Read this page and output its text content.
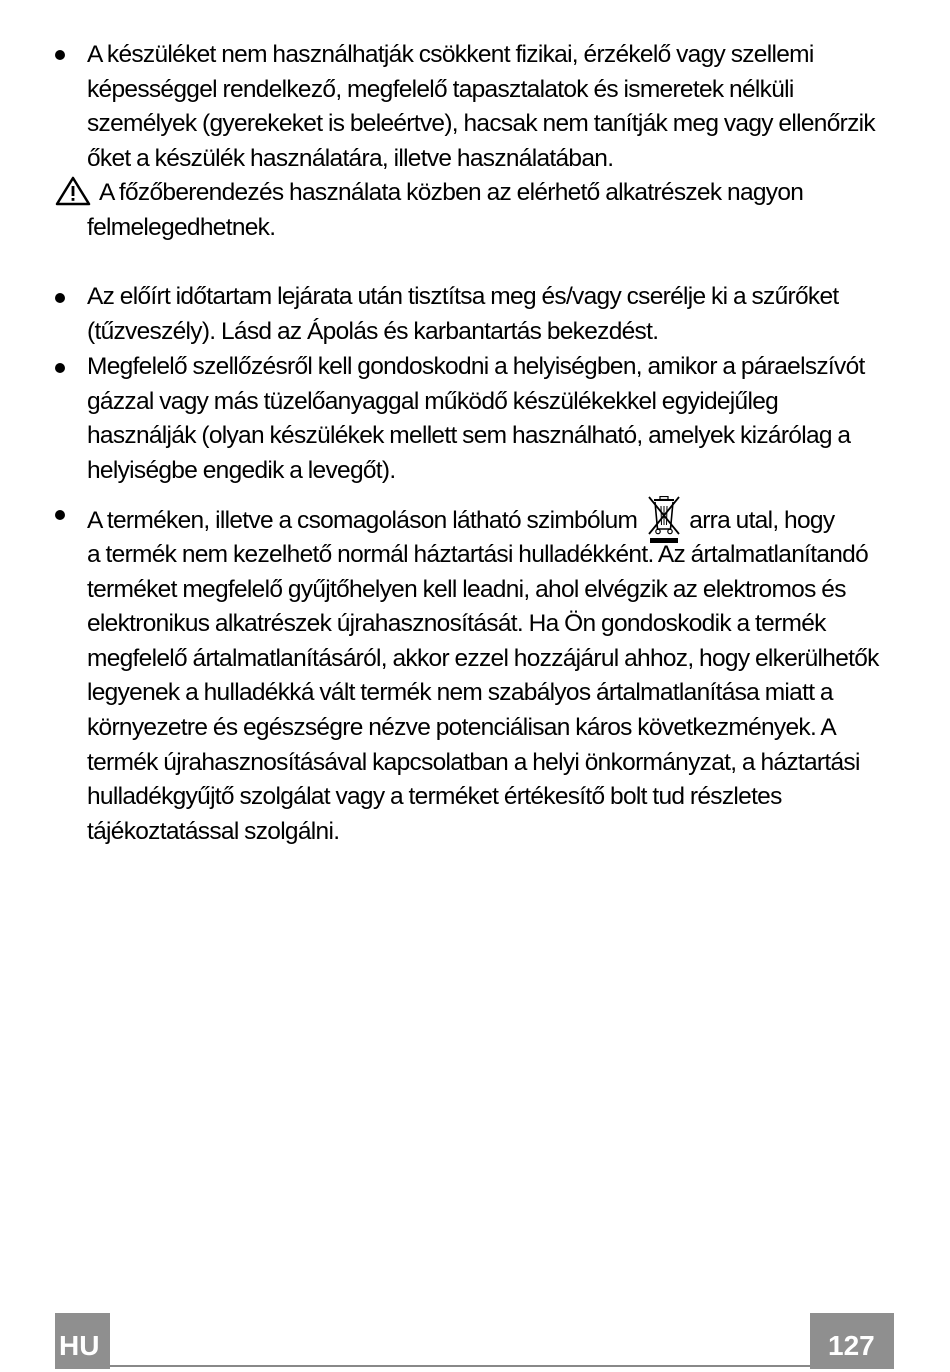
A készüléket nem használhatják csökkent fizikai, érzékelő vagy szellemi képességgel rendelkező, megfelelő tapasztalatok és ismeretek nélküli személyek (gyerekeket is beleértve), hacsak nem tanítják meg vagy ellenőrzik őket a készülék használatára, illetve használatában.
A főzőberendezés használata közben az elérhető alkatrészek nagyon
felmelegedhetnek.
Az előírt időtartam lejárata után tisztítsa meg és/vagy cserélje ki a szűrőket (tűzveszély). Lásd az Ápolás és karbantartás bekezdést.
Megfelelő szellőzésről kell gondoskodni a helyiségben, amikor a páraelszívót gázzal vagy más tüzelőanyaggal működő készülékekkel egyidejűleg használják (olyan készülékek mellett sem használható, amelyek kizárólag a helyiségbe engedik a levegőt).
A terméken, illetve a csomagoláson látható szimbólum arra utal, hogy
a termék nem kezelhető normál háztartási hulladékként. Az ártalmatlanítandó terméket megfelelő gyűjtőhelyen kell leadni, ahol elvégzik az elektromos és elektronikus alkatrészek újrahasznosítását. Ha Ön gondoskodik a termék megfelelő ártalmatlanításáról, akkor ezzel hozzájárul ahhoz, hogy elkerülhetők legyenek a hulladékká vált termék nem szabályos ártalmatlanítása miatt a környezetre és egészségre nézve potenciálisan káros következmények. A termék újrahasznosításával kapcsolatban a helyi önkormányzat, a háztartási hulladékgyűjtő szolgálat vagy a terméket értékesítő bolt tud részletes tájékoztatással szolgálni.
HU	127
